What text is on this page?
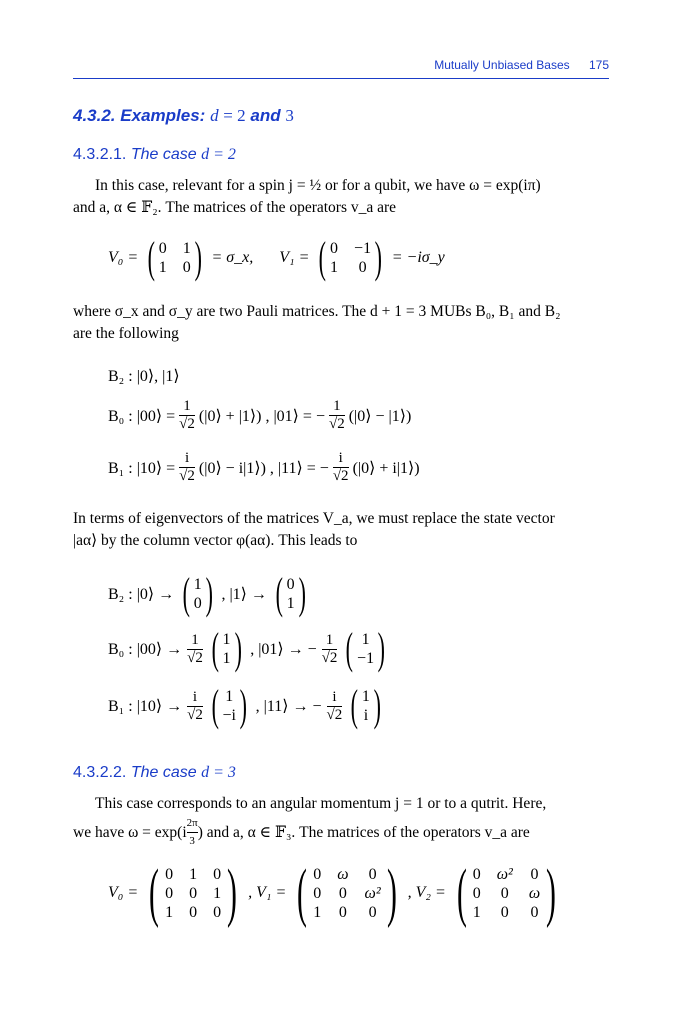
Mutually Unbiased Bases 175
4.3.2. Examples: d = 2 and 3
4.3.2.1. The case d = 2
In this case, relevant for a spin j = ½ or for a qubit, we have ω = exp(iπ)
and a, α ∈ 𝔽₂. The matrices of the operators v_a are
V₀ = ( 0 1
1 0 ) = σ_x, V₁ = ( 0 −1
1 0 ) = −iσ_y
where σ_x and σ_y are two Pauli matrices. The d + 1 = 3 MUBs B₀, B₁ and B₂
are the following
B₂ : |0⟩, |1⟩
B₀ : |00⟩ = $\frac{1}{√2}$ (|0⟩ + |1⟩) , |01⟩ = − $\frac{1}{√2}$ (|0⟩ − |1⟩)
B₁ : |10⟩ = $\frac{i}{√2}$ (|0⟩ − i|1⟩) , |11⟩ = − $\frac{i}{√2}$ (|0⟩ + i|1⟩)
In terms of eigenvectors of the matrices V_a, we must replace the state vector
|aα⟩ by the column vector φ(aα). This leads to
B₂ : |0⟩ → ( 1
0 ) , |1⟩ → ( 0
1 )
B₀ : |00⟩ → $\frac{1}{√2}$ ( 1
1 ) , |01⟩ → − $\frac{1}{√2}$ ( 1
−1 )
B₁ : |10⟩ → $\frac{i}{√2}$ ( 1
−i ) , |11⟩ → − $\frac{i}{√2}$ ( 1
i )
4.3.2.2. The case d = 3
This case corresponds to an angular momentum j = 1 or to a qutrit. Here,
we have $\omega = \exp(i \frac{2\pi}{3}$ ) and a, α ∈ 𝔽₃. The matrices of the operators v_a are
V₀ = ( 0 1 0
0 0 1
1 0 0 ) , V₁ = ( 0 ω 0
0 0 ω²
1 0 0 ) , V₂ = ( 0 ω² 0
0 0 ω
1 0 0 )
